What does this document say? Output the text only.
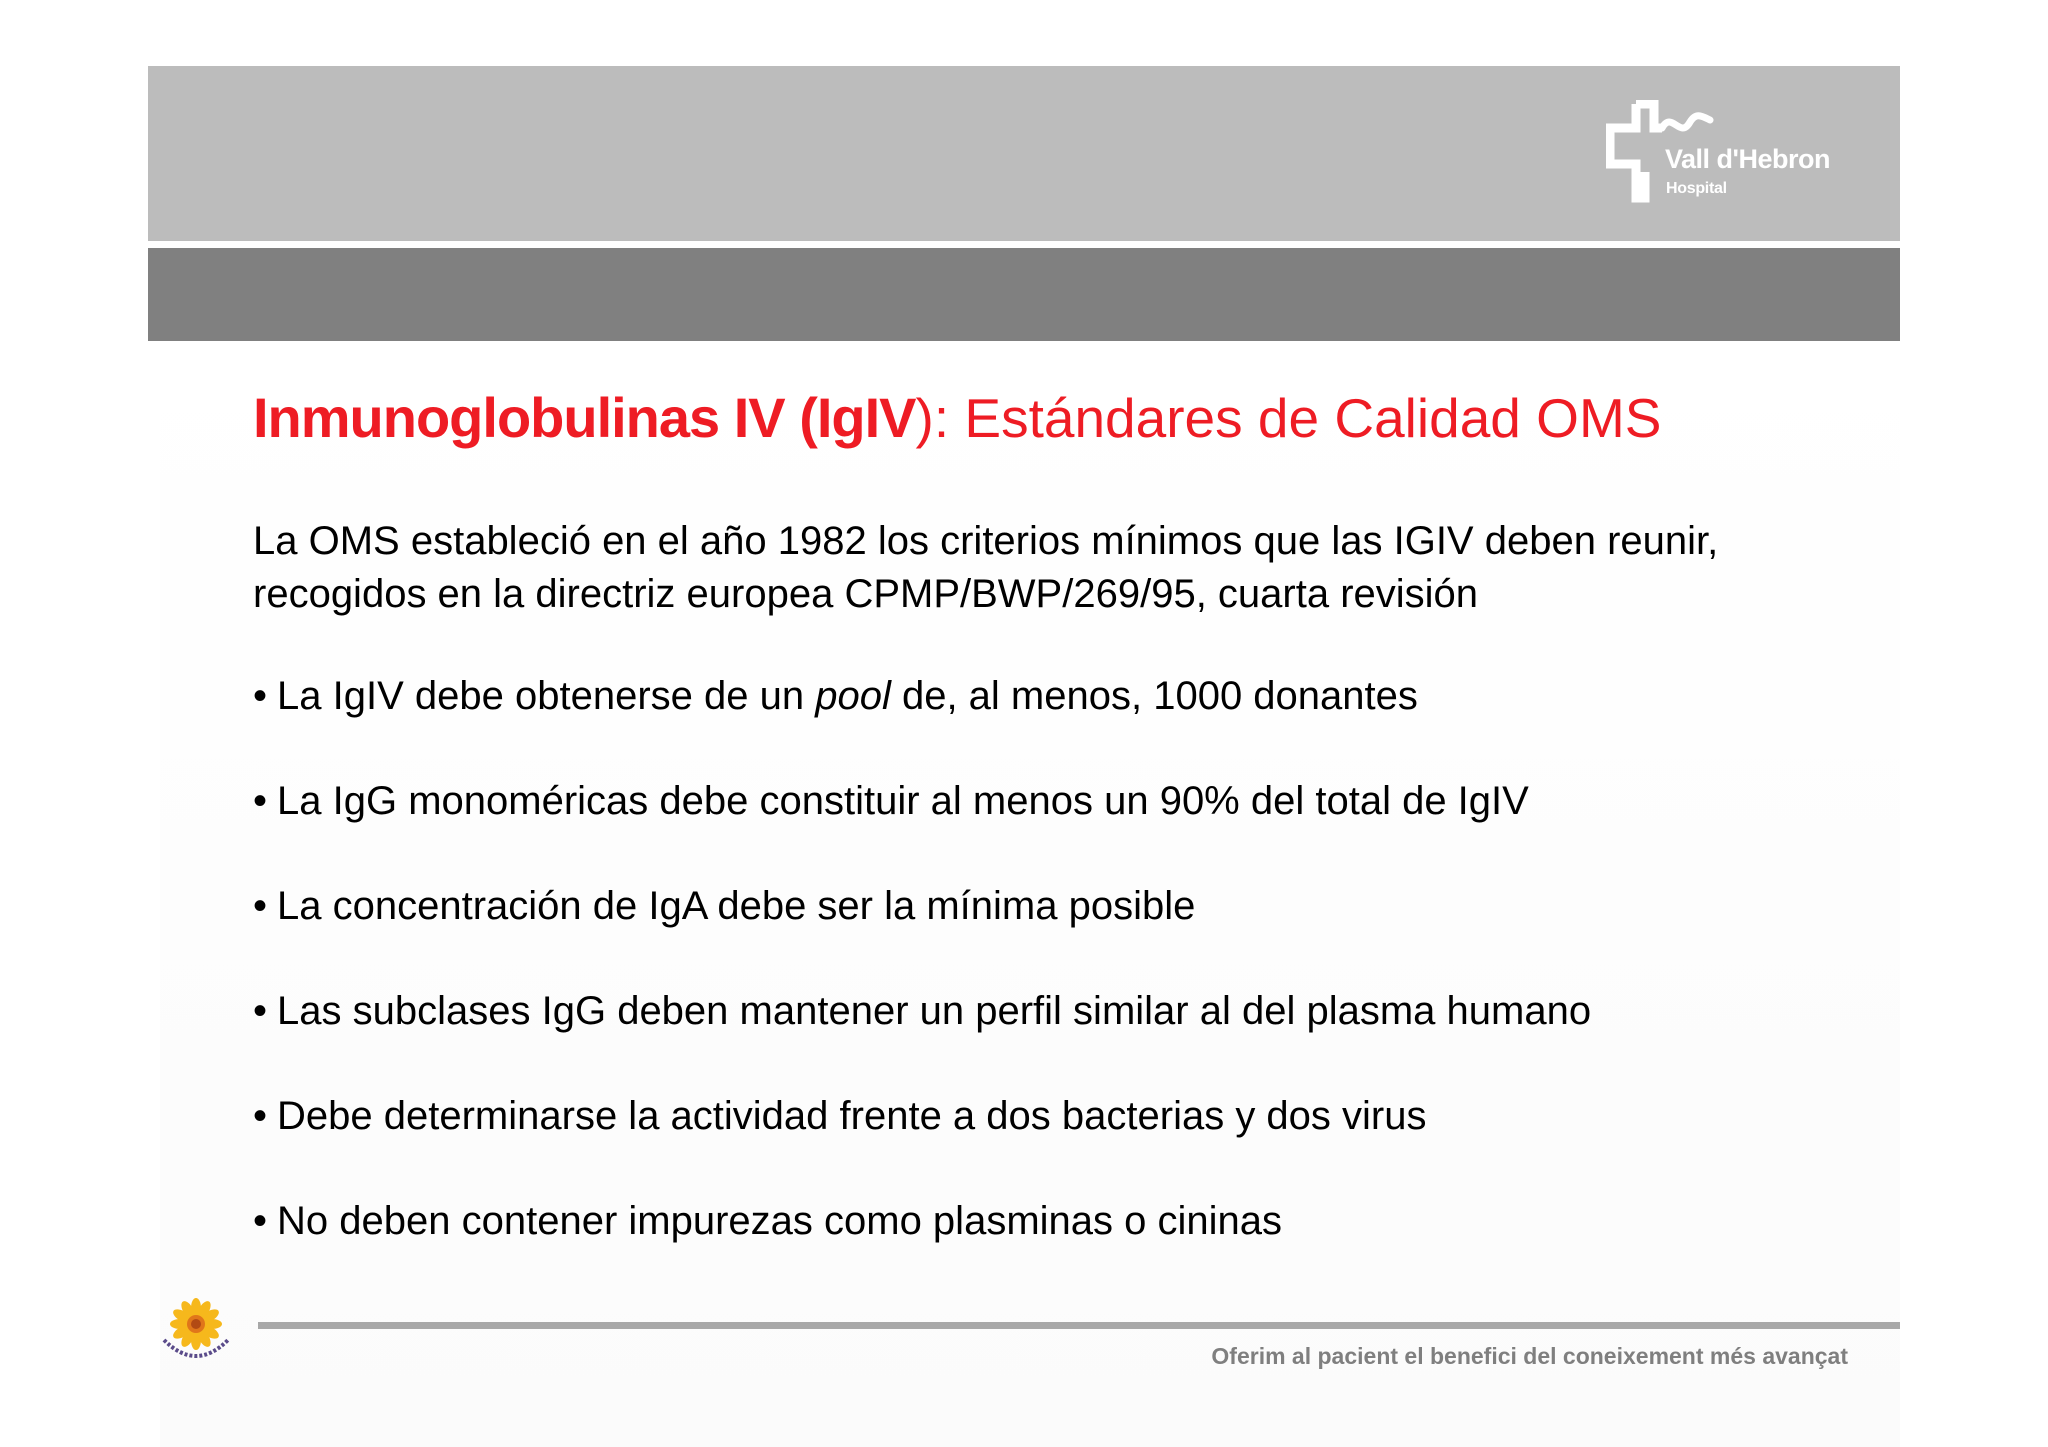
Vall d'Hebron
Hospital
Inmunoglobulinas IV (IgIV): Estándares de Calidad OMS
La OMS estableció en el año 1982 los criterios mínimos que las IGIV deben reunir, recogidos en la directriz europea CPMP/BWP/269/95, cuarta revisión
• La IgIV debe obtenerse de un pool de, al menos, 1000 donantes
• La IgG monoméricas debe constituir al menos un 90% del total de IgIV
• La concentración de IgA debe ser la mínima posible
• Las subclases IgG deben mantener un perfil similar al del plasma humano
• Debe determinarse la actividad frente a dos bacterias y dos virus
• No deben contener impurezas como plasminas o cininas
Oferim al pacient el benefici del coneixement més avançat
